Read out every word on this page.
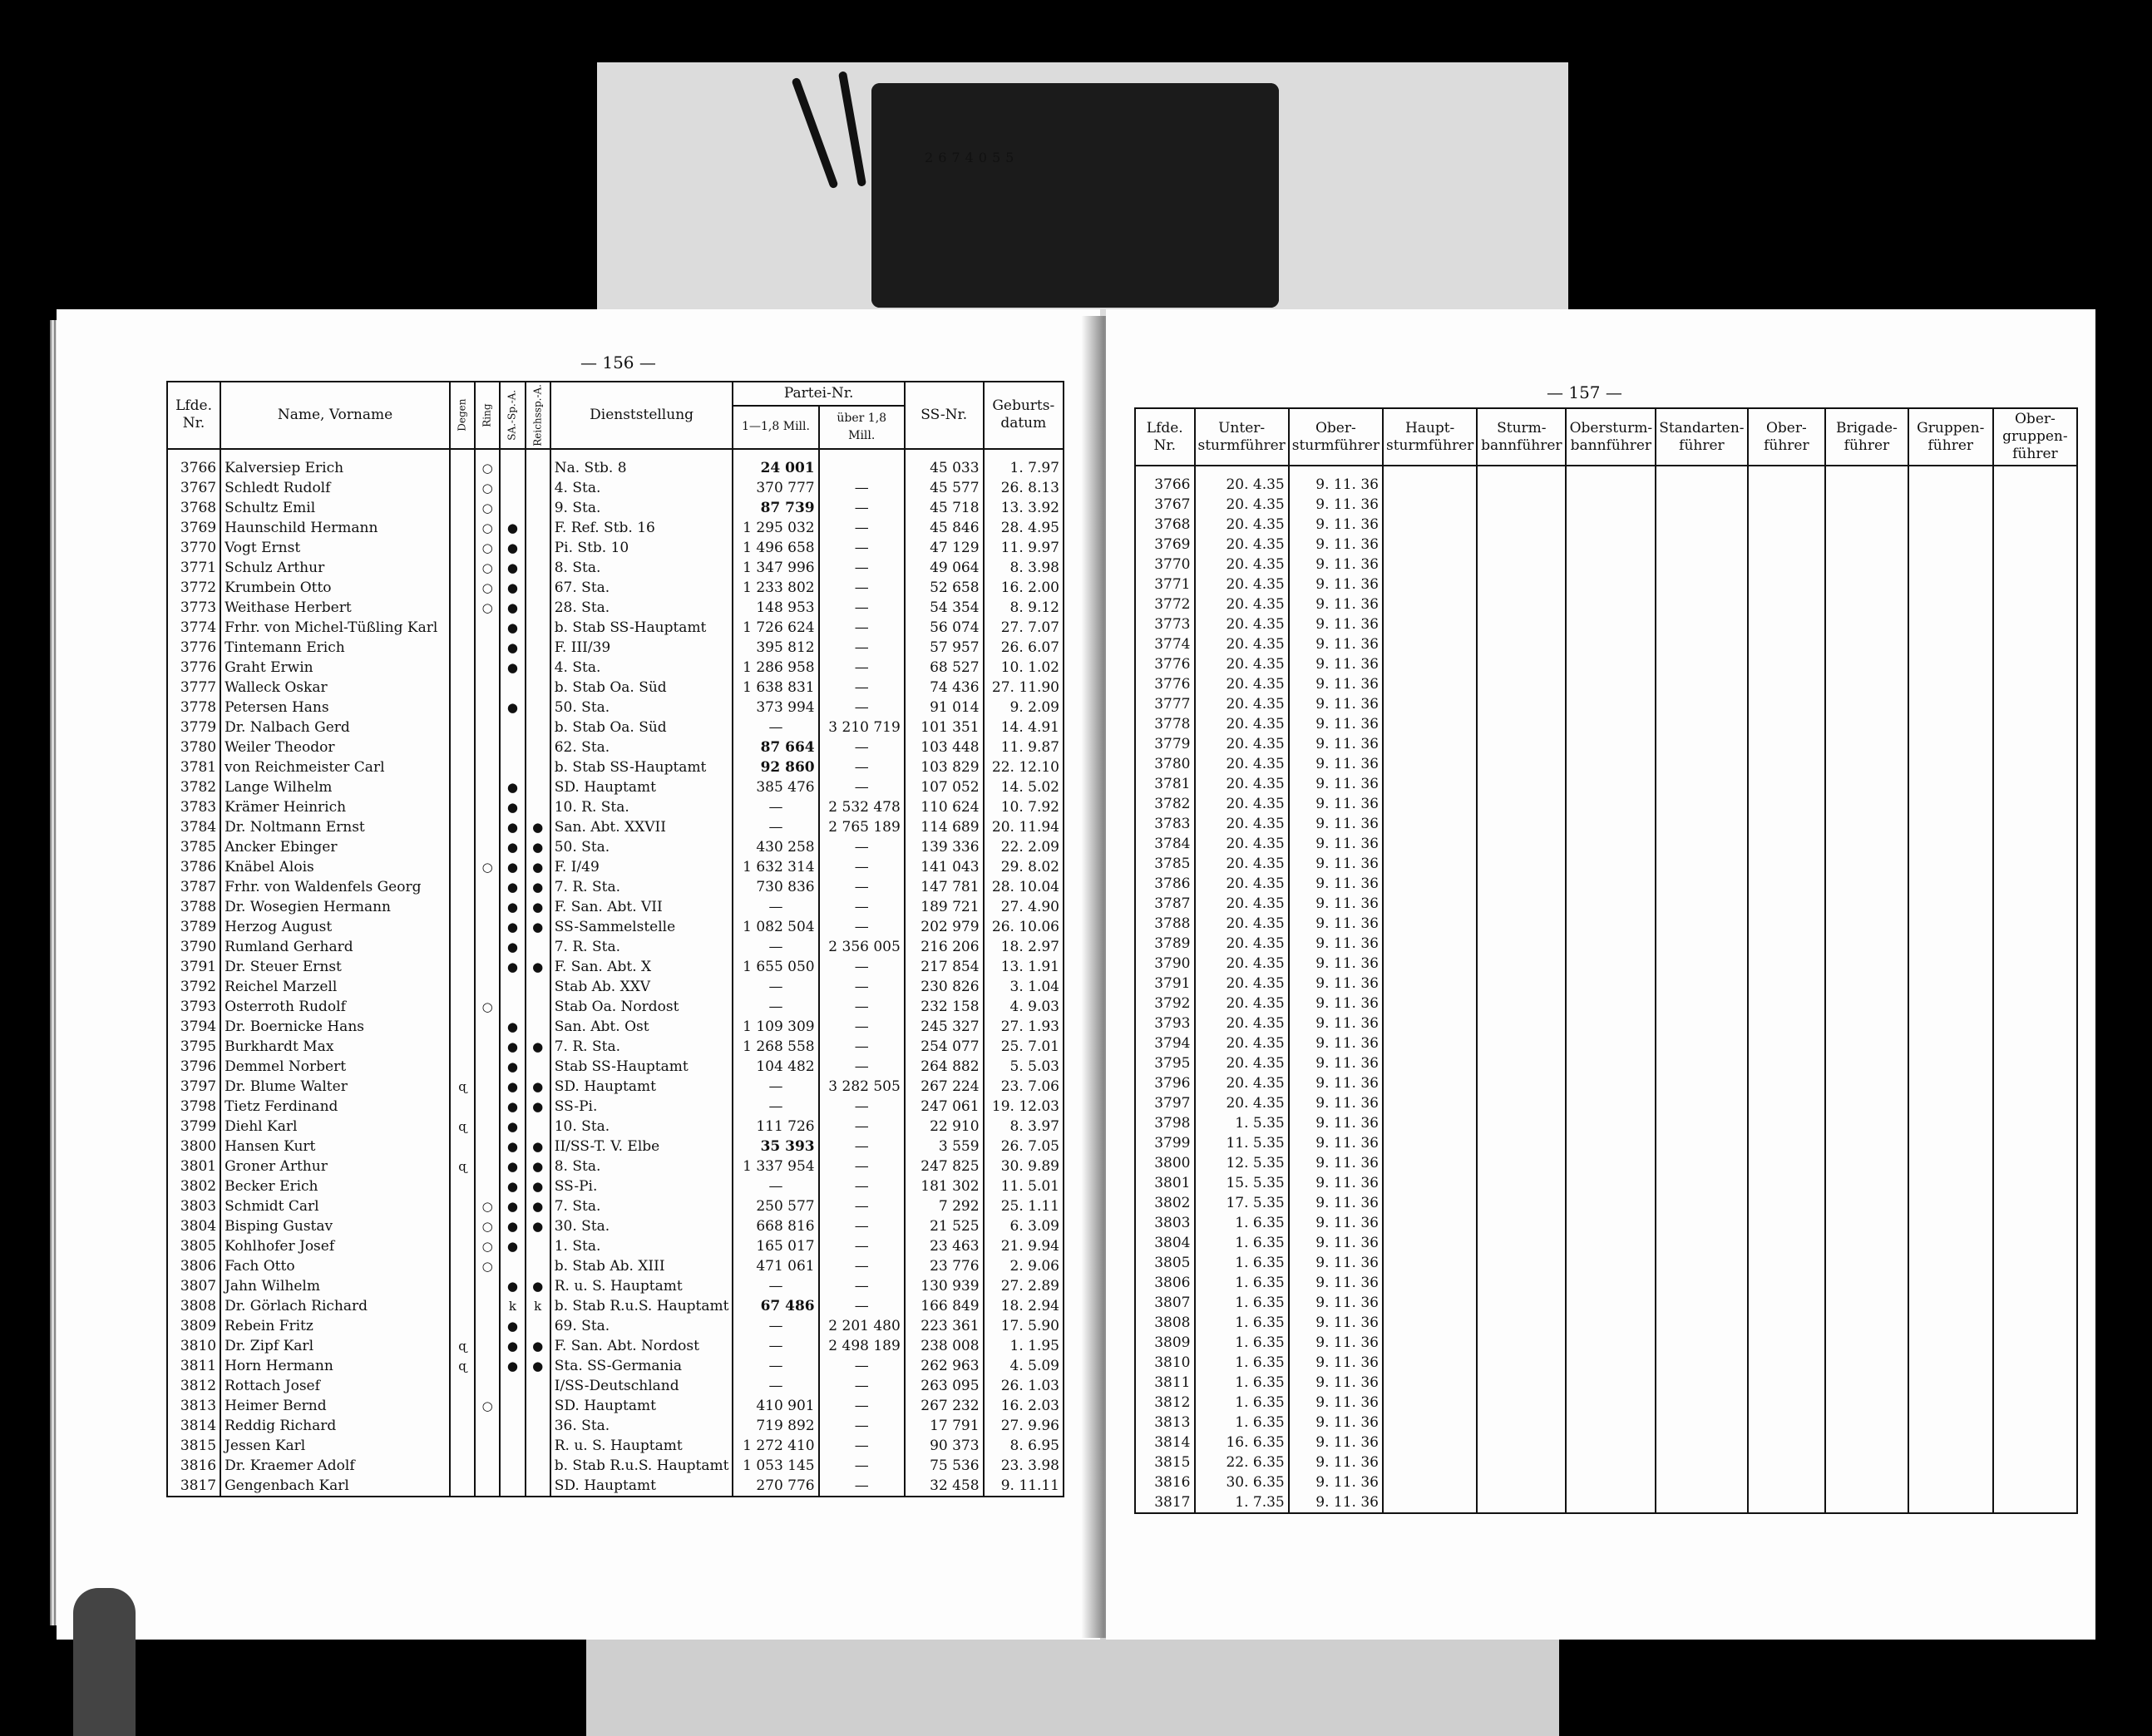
2 6 7 4 0 5 5
— 156 —
Lfde. Nr.	Name, Vorname	Degen	Ring	SA.-Sp.-A.	Reichssp.-A.	Dienststellung	Partei-Nr.		SS-Nr.	Geburts-datum
							1—1,8 Mill.	über 1,8 Mill.		
3766	Kalversiep Erich		○			Na. Stb. 8	24 001		45 033	1. 7.97
3767	Schledt Rudolf		○			4. Sta.	370 777	—	45 577	26. 8.13
3768	Schultz Emil		○			9. Sta.	87 739	—	45 718	13. 3.92
3769	Haunschild Hermann		○	●		F. Ref. Stb. 16	1 295 032	—	45 846	28. 4.95
3770	Vogt Ernst		○	●		Pi. Stb. 10	1 496 658	—	47 129	11. 9.97
3771	Schulz Arthur		○	●		8. Sta.	1 347 996	—	49 064	8. 3.98
3772	Krumbein Otto		○	●		67. Sta.	1 233 802	—	52 658	16. 2.00
3773	Weithase Herbert		○	●		28. Sta.	148 953	—	54 354	8. 9.12
3774	Frhr. von Michel-Tüßling Karl			●		b. Stab SS-Hauptamt	1 726 624	—	56 074	27. 7.07
3776	Tintemann Erich			●		F. III/39	395 812	—	57 957	26. 6.07
3776	Graht Erwin			●		4. Sta.	1 286 958	—	68 527	10. 1.02
3777	Walleck Oskar					b. Stab Oa. Süd	1 638 831	—	74 436	27. 11.90
3778	Petersen Hans			●		50. Sta.	373 994	—	91 014	9. 2.09
3779	Dr. Nalbach Gerd					b. Stab Oa. Süd	—	3 210 719	101 351	14. 4.91
3780	Weiler Theodor					62. Sta.	87 664	—	103 448	11. 9.87
3781	von Reichmeister Carl					b. Stab SS-Hauptamt	92 860	—	103 829	22. 12.10
3782	Lange Wilhelm			●		SD. Hauptamt	385 476	—	107 052	14. 5.02
3783	Krämer Heinrich			●		10. R. Sta.	—	2 532 478	110 624	10. 7.92
3784	Dr. Noltmann Ernst			●	●	San. Abt. XXVII	—	2 765 189	114 689	20. 11.94
3785	Ancker Ebinger			●	●	50. Sta.	430 258	—	139 336	22. 2.09
3786	Knäbel Alois		○	●	●	F. I/49	1 632 314	—	141 043	29. 8.02
3787	Frhr. von Waldenfels Georg			●	●	7. R. Sta.	730 836	—	147 781	28. 10.04
3788	Dr. Wosegien Hermann			●	●	F. San. Abt. VII	—	—	189 721	27. 4.90
3789	Herzog August			●	●	SS-Sammelstelle	1 082 504	—	202 979	26. 10.06
3790	Rumland Gerhard			●		7. R. Sta.	—	2 356 005	216 206	18. 2.97
3791	Dr. Steuer Ernst			●	●	F. San. Abt. X	1 655 050	—	217 854	13. 1.91
3792	Reichel Marzell					Stab Ab. XXV	—	—	230 826	3. 1.04
3793	Osterroth Rudolf		○			Stab Oa. Nordost	—	—	232 158	4. 9.03
3794	Dr. Boernicke Hans			●		San. Abt. Ost	1 109 309	—	245 327	27. 1.93
3795	Burkhardt Max			●	●	7. R. Sta.	1 268 558	—	254 077	25. 7.01
3796	Demmel Norbert			●		Stab SS-Hauptamt	104 482	—	264 882	5. 5.03
3797	Dr. Blume Walter	ɋ		●	●	SD. Hauptamt	—	3 282 505	267 224	23. 7.06
3798	Tietz Ferdinand			●	●	SS-Pi.	—	—	247 061	19. 12.03
3799	Diehl Karl	ɋ		●		10. Sta.	111 726	—	22 910	8. 3.97
3800	Hansen Kurt			●	●	II/SS-T. V. Elbe	35 393	—	3 559	26. 7.05
3801	Groner Arthur	ɋ		●	●	8. Sta.	1 337 954	—	247 825	30. 9.89
3802	Becker Erich			●	●	SS-Pi.	—	—	181 302	11. 5.01
3803	Schmidt Carl		○	●	●	7. Sta.	250 577	—	7 292	25. 1.11
3804	Bisping Gustav		○	●	●	30. Sta.	668 816	—	21 525	6. 3.09
3805	Kohlhofer Josef		○	●		1. Sta.	165 017	—	23 463	21. 9.94
3806	Fach Otto		○			b. Stab Ab. XIII	471 061	—	23 776	2. 9.06
3807	Jahn Wilhelm			●	●	R. u. S. Hauptamt	—	—	130 939	27. 2.89
3808	Dr. Görlach Richard			k	k	b. Stab R.u.S. Hauptamt	67 486	—	166 849	18. 2.94
3809	Rebein Fritz			●		69. Sta.	—	2 201 480	223 361	17. 5.90
3810	Dr. Zipf Karl	ɋ		●	●	F. San. Abt. Nordost	—	2 498 189	238 008	1. 1.95
3811	Horn Hermann	ɋ		●	●	Sta. SS-Germania	—	—	262 963	4. 5.09
3812	Rottach Josef					I/SS-Deutschland	—	—	263 095	26. 1.03
3813	Heimer Bernd		○			SD. Hauptamt	410 901	—	267 232	16. 2.03
3814	Reddig Richard					36. Sta.	719 892	—	17 791	27. 9.96
3815	Jessen Karl					R. u. S. Hauptamt	1 272 410	—	90 373	8. 6.95
3816	Dr. Kraemer Adolf					b. Stab R.u.S. Hauptamt	1 053 145	—	75 536	23. 3.98
3817	Gengenbach Karl					SD. Hauptamt	270 776	—	32 458	9. 11.11
— 157 —
Lfde. Nr.	Unter-sturmführer	Ober-sturmführer	Haupt-sturmführer	Sturm-bannführer	Obersturm-bannführer	Standarten-führer	Ober-führer	Brigade-führer	Gruppen-führer	Ober-gruppen-führer
3766	20. 4.35	9. 11. 36								
3767	20. 4.35	9. 11. 36								
3768	20. 4.35	9. 11. 36								
3769	20. 4.35	9. 11. 36								
3770	20. 4.35	9. 11. 36								
3771	20. 4.35	9. 11. 36								
3772	20. 4.35	9. 11. 36								
3773	20. 4.35	9. 11. 36								
3774	20. 4.35	9. 11. 36								
3776	20. 4.35	9. 11. 36								
3776	20. 4.35	9. 11. 36								
3777	20. 4.35	9. 11. 36								
3778	20. 4.35	9. 11. 36								
3779	20. 4.35	9. 11. 36								
3780	20. 4.35	9. 11. 36								
3781	20. 4.35	9. 11. 36								
3782	20. 4.35	9. 11. 36								
3783	20. 4.35	9. 11. 36								
3784	20. 4.35	9. 11. 36								
3785	20. 4.35	9. 11. 36								
3786	20. 4.35	9. 11. 36								
3787	20. 4.35	9. 11. 36								
3788	20. 4.35	9. 11. 36								
3789	20. 4.35	9. 11. 36								
3790	20. 4.35	9. 11. 36								
3791	20. 4.35	9. 11. 36								
3792	20. 4.35	9. 11. 36								
3793	20. 4.35	9. 11. 36								
3794	20. 4.35	9. 11. 36								
3795	20. 4.35	9. 11. 36								
3796	20. 4.35	9. 11. 36								
3797	20. 4.35	9. 11. 36								
3798	1. 5.35	9. 11. 36								
3799	11. 5.35	9. 11. 36								
3800	12. 5.35	9. 11. 36								
3801	15. 5.35	9. 11. 36								
3802	17. 5.35	9. 11. 36								
3803	1. 6.35	9. 11. 36								
3804	1. 6.35	9. 11. 36								
3805	1. 6.35	9. 11. 36								
3806	1. 6.35	9. 11. 36								
3807	1. 6.35	9. 11. 36								
3808	1. 6.35	9. 11. 36								
3809	1. 6.35	9. 11. 36								
3810	1. 6.35	9. 11. 36								
3811	1. 6.35	9. 11. 36								
3812	1. 6.35	9. 11. 36								
3813	1. 6.35	9. 11. 36								
3814	16. 6.35	9. 11. 36								
3815	22. 6.35	9. 11. 36								
3816	30. 6.35	9. 11. 36								
3817	1. 7.35	9. 11. 36								
